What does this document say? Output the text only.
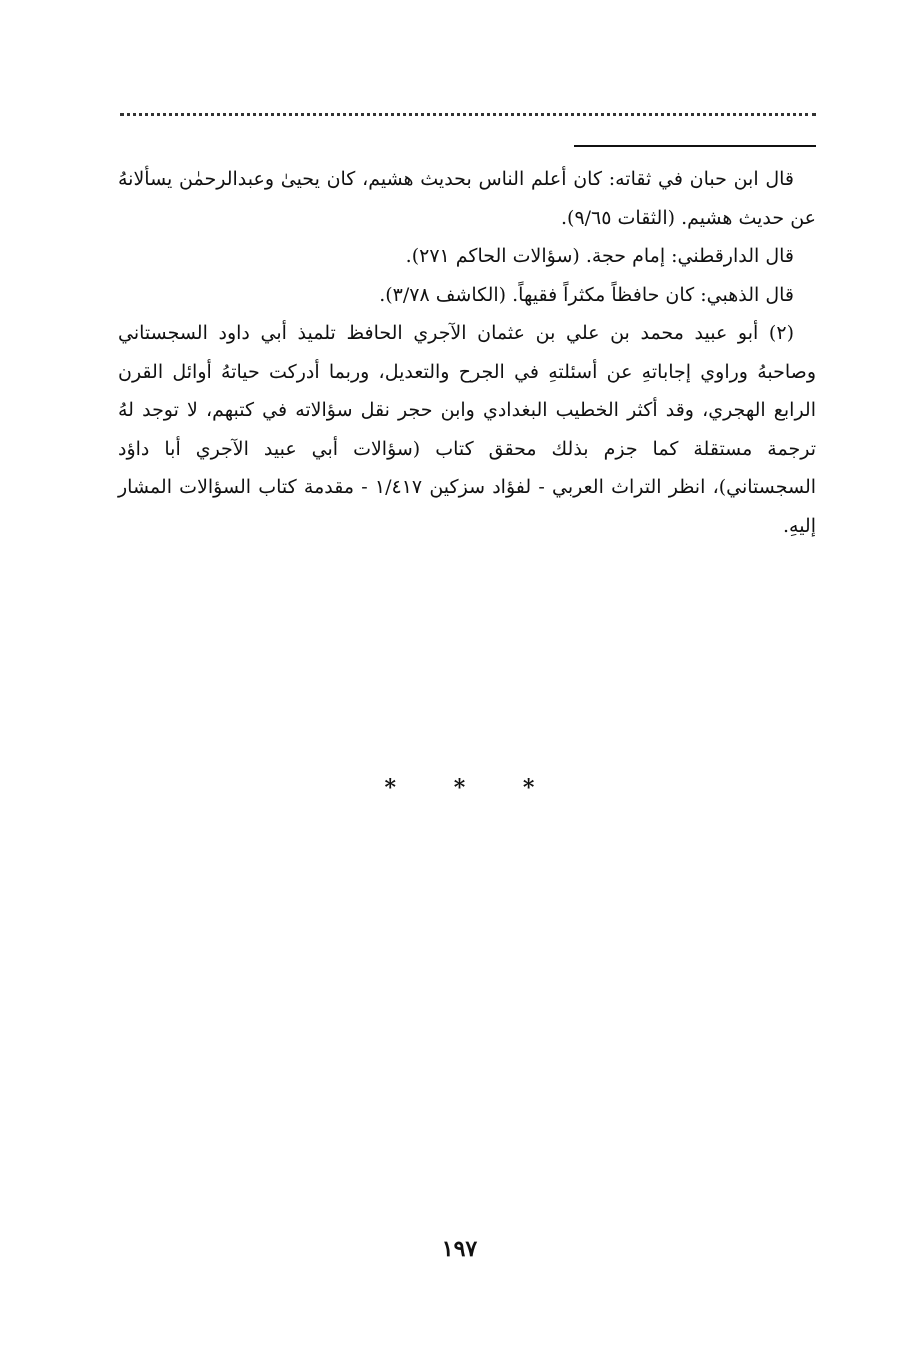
قال ابن حبان في ثقاته: كان أعلم الناس بحديث هشيم، كان يحيىٰ وعبدالرحمٰن يسألانهُ عن حديث هشيم. (الثقات ٩/٦٥).

قال الدارقطني: إمام حجة. (سؤالات الحاكم ٢٧١).

قال الذهبي: كان حافظاً مكثراً فقيهاً. (الكاشف ٣/٧٨).

(٢) أبو عبيد محمد بن علي بن عثمان الآجري الحافظ تلميذ أبي داود السجستاني وصاحبهُ وراوي إجاباتهِ عن أسئلتهِ في الجرح والتعديل، وربما أدركت حياتهُ أوائل القرن الرابع الهجري، وقد أكثر الخطيب البغدادي وابن حجر نقل سؤالاته في كتبهم، لا توجد لهُ ترجمة مستقلة كما جزم بذلك محقق كتاب (سؤالات أبي عبيد الآجري أبا داؤد السجستاني)، انظر التراث العربي - لفؤاد سزكين ١/٤١٧ - مقدمة كتاب السؤالات المشار إليهِ.

* * *
١٩٧
